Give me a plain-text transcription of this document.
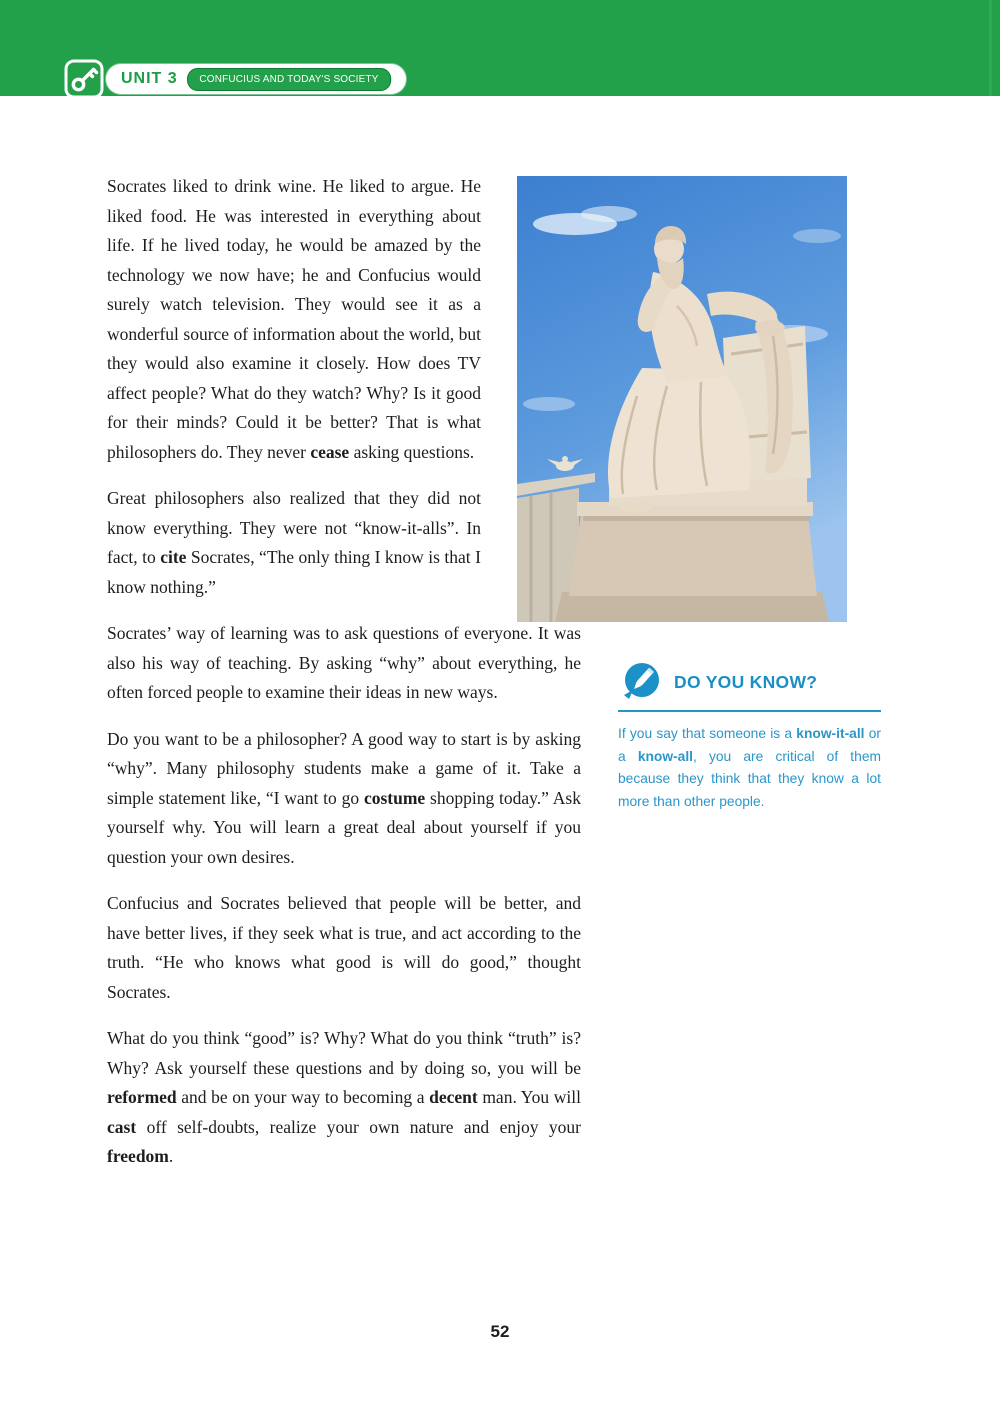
UNIT 3	CONFUCIUS AND TODAY'S SOCIETY

Socrates liked to drink wine. He liked to argue. He liked food. He was interested in everything about life. If he lived today, he would be amazed by the technology we now have; he and Confucius would surely watch television. They would see it as a wonderful source of information about the world, but they would also examine it closely. How does TV affect people? What do they watch? Why? Is it good for their minds? Could it be better? That is what philosophers do. They never cease asking questions.

Great philosophers also realized that they did not know everything. They were not “know-it-alls”. In fact, to cite Socrates, “The only thing I know is that I know nothing.”

Socrates’ way of learning was to ask questions of everyone. It was also his way of teaching. By asking “why” about everything, he often forced people to examine their ideas in new ways.

Do you want to be a philosopher? A good way to start is by asking “why”. Many philosophy students make a game of it. Take a simple statement like, “I want to go costume shopping today.” Ask yourself why. You will learn a great deal about yourself if you question your own desires.

Confucius and Socrates believed that people will be better, and have better lives, if they seek what is true, and act according to the truth. “He who knows what good is will do good,” thought Socrates.

What do you think “good” is? Why? What do you think “truth” is? Why? Ask yourself these questions and by doing so, you will be reformed and be on your way to becoming a decent man. You will cast off self-doubts, realize your own nature and enjoy your freedom.

DO YOU KNOW?

If you say that someone is a know-it-all or a know-all, you are critical of them because they think that they know a lot more than other people.

52
